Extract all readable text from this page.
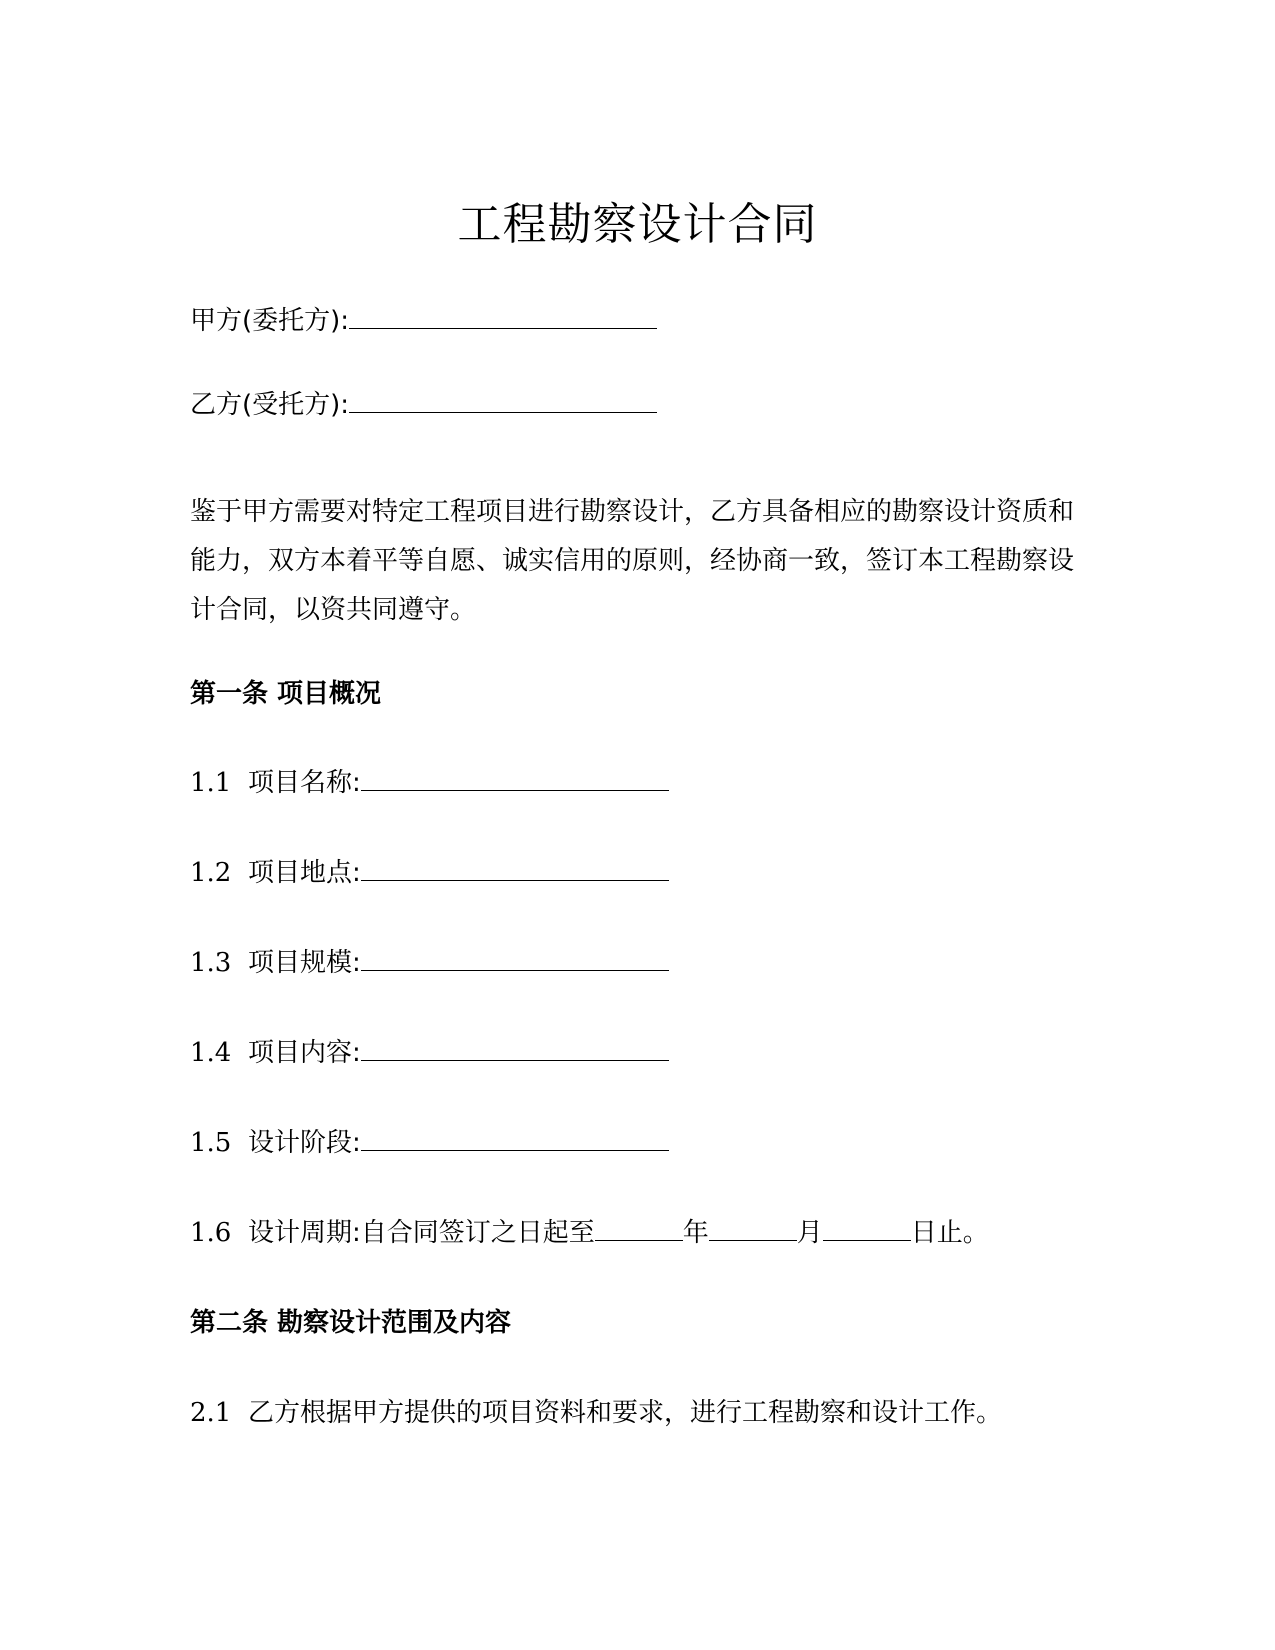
工程勘察设计合同
甲方(委托方):
乙方(受托方):
鉴于甲方需要对特定工程项目进行勘察设计，乙方具备相应的勘察设计资质和能力，双方本着平等自愿、诚实信用的原则，经协商一致，签订本工程勘察设计合同，以资共同遵守。
第一条 项目概况
1.1 项目名称:
1.2 项目地点:
1.3 项目规模:
1.4 项目内容:
1.5 设计阶段:
1.6 设计周期:自合同签订之日起至	年	月	日止。
第二条 勘察设计范围及内容
2.1 乙方根据甲方提供的项目资料和要求，进行工程勘察和设计工作。
